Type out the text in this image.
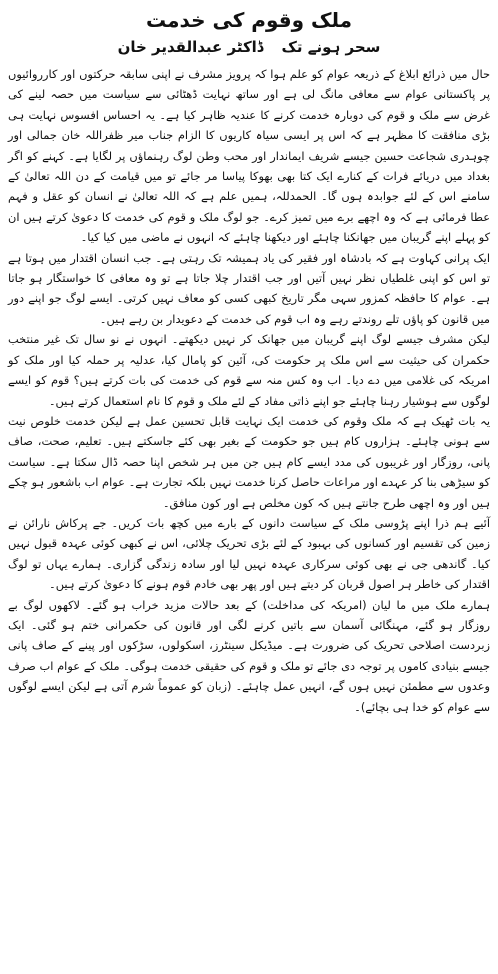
ملک وقوم کی خدمت
سحر ہونے تک
ڈاکٹر عبدالقدیر خان

حال میں ذرائع ابلاغ کے ذریعہ عوام کو علم ہوا کہ پرویز مشرف نے اپنی سابقہ حرکتوں اور کارروائیوں پر پاکستانی عوام سے معافی مانگ لی ہے اور ساتھ نہایت ڈھٹائی سے سیاست میں حصہ لینے کی غرض سے ملک و قوم کی دوبارہ خدمت کرنے کا عندیہ ظاہر کیا ہے۔ یہ احساس افسوس نہایت ہی بڑی منافقت کا مظہر ہے کہ اس پر ایسی سیاہ کاریوں کا الزام جناب میر ظفراللہ خان جمالی اور چوہدری شجاعت حسین جیسے شریف ایماندار اور محب وطن لوگ رہنماؤں پر لگایا ہے۔ کہنے کو اگر بغداد میں دریائے فرات کے کنارے ایک کتا بھی بھوکا پیاسا مر جائے تو میں قیامت کے دن اللہ تعالیٰ کے سامنے اس کے لئے جوابدہ ہوں گا۔ الحمدللہ، ہمیں علم ہے کہ اللہ تعالیٰ نے انسان کو عقل و فہم عطا فرمائی ہے کہ وہ اچھے برے میں تمیز کرے۔ جو لوگ ملک و قوم کی خدمت کا دعویٰ کرتے ہیں ان کو پہلے اپنے گریبان میں جھانکنا چاہئے اور دیکھنا چاہئے کہ انہوں نے ماضی میں کیا کیا۔

ایک پرانی کہاوت ہے کہ بادشاہ اور فقیر کی یاد ہمیشہ تک رہتی ہے۔ جب انسان اقتدار میں ہوتا ہے تو اس کو اپنی غلطیاں نظر نہیں آتیں اور جب اقتدار چلا جاتا ہے تو وہ معافی کا خواستگار ہو جاتا ہے۔ عوام کا حافظہ کمزور سہی مگر تاریخ کبھی کسی کو معاف نہیں کرتی۔ ایسے لوگ جو اپنے دور میں قانون کو پاؤں تلے روندتے رہے وہ اب قوم کی خدمت کے دعویدار بن رہے ہیں۔

لیکن مشرف جیسے لوگ اپنے گریبان میں جھانک کر نہیں دیکھتے۔ انہوں نے نو سال تک غیر منتخب حکمران کی حیثیت سے اس ملک پر حکومت کی، آئین کو پامال کیا، عدلیہ پر حملہ کیا اور ملک کو امریکہ کی غلامی میں دے دیا۔ اب وہ کس منہ سے قوم کی خدمت کی بات کرتے ہیں؟ قوم کو ایسے لوگوں سے ہوشیار رہنا چاہئے جو اپنے ذاتی مفاد کے لئے ملک و قوم کا نام استعمال کرتے ہیں۔

یہ بات ٹھیک ہے کہ ملک وقوم کی خدمت ایک نہایت قابل تحسین عمل ہے لیکن خدمت خلوص نیت سے ہونی چاہئے۔ ہزاروں کام ہیں جو حکومت کے بغیر بھی کئے جاسکتے ہیں۔ تعلیم، صحت، صاف پانی، روزگار اور غریبوں کی مدد ایسے کام ہیں جن میں ہر شخص اپنا حصہ ڈال سکتا ہے۔ سیاست کو سیڑھی بنا کر عہدے اور مراعات حاصل کرنا خدمت نہیں بلکہ تجارت ہے۔ عوام اب باشعور ہو چکے ہیں اور وہ اچھی طرح جانتے ہیں کہ کون مخلص ہے اور کون منافق۔

آئیے ہم ذرا اپنے پڑوسی ملک کے سیاست دانوں کے بارے میں کچھ بات کریں۔ جے پرکاش نارائن نے زمین کی تقسیم اور کسانوں کی بہبود کے لئے بڑی تحریک چلائی، اس نے کبھی کوئی عہدہ قبول نہیں کیا۔ گاندھی جی نے بھی کوئی سرکاری عہدہ نہیں لیا اور سادہ زندگی گزاری۔ ہمارے یہاں تو لوگ اقتدار کی خاطر ہر اصول قربان کر دیتے ہیں اور پھر بھی خادم قوم ہونے کا دعویٰ کرتے ہیں۔

ہمارے ملک میں ما لیان (امریکہ کی مداخلت) کے بعد حالات مزید خراب ہو گئے۔ لاکھوں لوگ بے روزگار ہو گئے، مہنگائی آسمان سے باتیں کرنے لگی اور قانون کی حکمرانی ختم ہو گئی۔ ایک زبردست اصلاحی تحریک کی ضرورت ہے۔ میڈیکل سینٹرز، اسکولوں، سڑکوں اور پینے کے صاف پانی جیسے بنیادی کاموں پر توجہ دی جائے تو ملک و قوم کی حقیقی خدمت ہوگی۔ ملک کے عوام اب صرف وعدوں سے مطمئن نہیں ہوں گے، انہیں عمل چاہئے۔ (زبان کو عموماً شرم آتی ہے لیکن ایسے لوگوں سے عوام کو خدا ہی بچائے)۔
